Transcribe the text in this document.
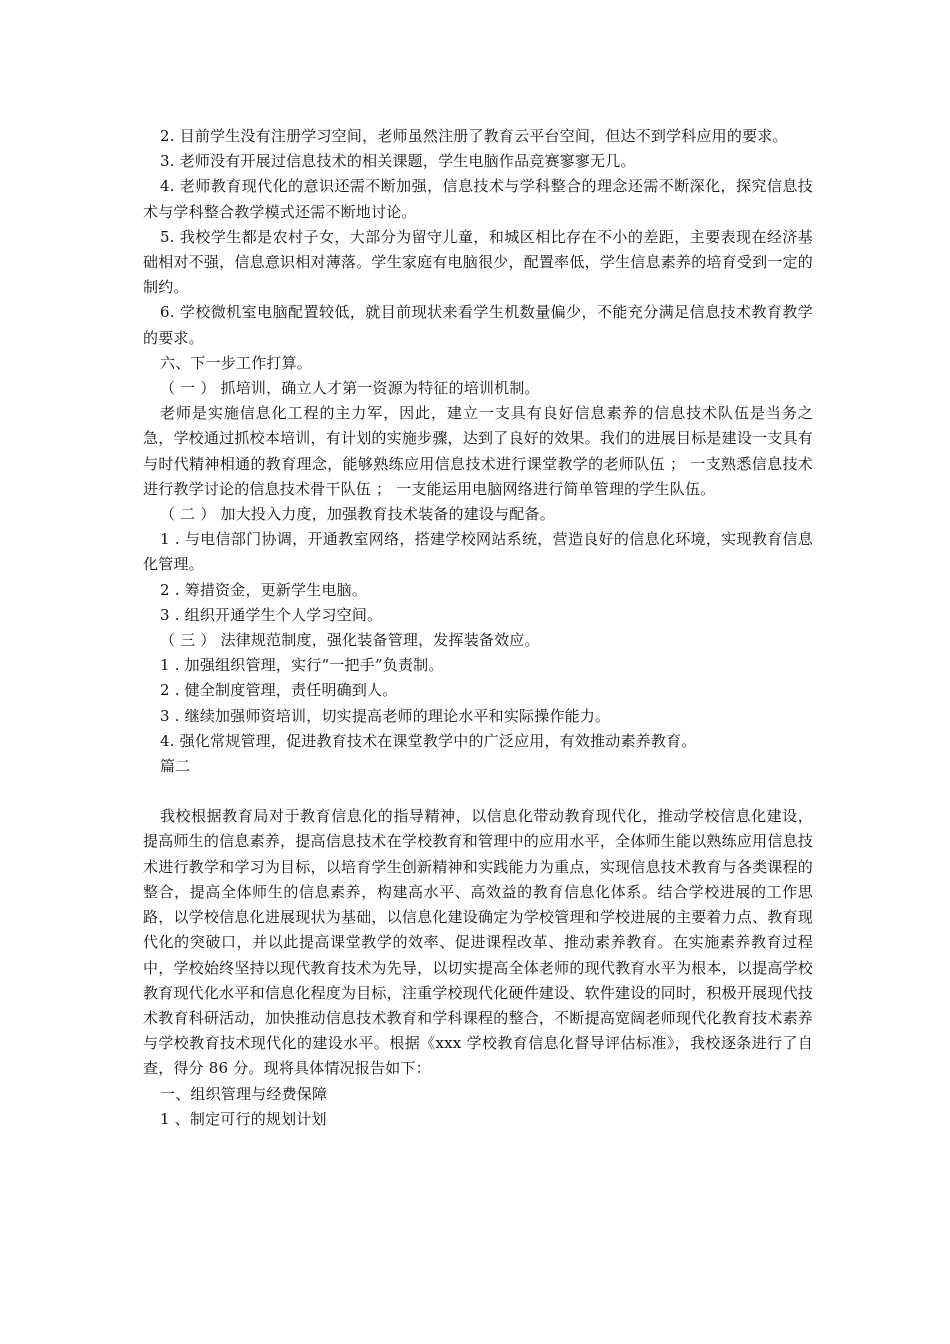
2. 目前学生没有注册学习空间，老师虽然注册了教育云平台空间，但达不到学科应用的要求。

3. 老师没有开展过信息技术的相关课题，学生电脑作品竞赛寥寥无几。

4. 老师教育现代化的意识还需不断加强，信息技术与学科整合的理念还需不断深化，探究信息技术与学科整合教学模式还需不断地讨论。

5. 我校学生都是农村子女，大部分为留守儿童，和城区相比存在不小的差距，主要表现在经济基础相对不强，信息意识相对薄落。学生家庭有电脑很少，配置率低，学生信息素养的培育受到一定的制约。

6. 学校微机室电脑配置较低，就目前现状来看学生机数量偏少，不能充分满足信息技术教育教学的要求。

六、下一步工作打算。

（ 一 ） 抓培训，确立人才第一资源为特征的培训机制。

老师是实施信息化工程的主力军，因此，建立一支具有良好信息素养的信息技术队伍是当务之急，学校通过抓校本培训，有计划的实施步骤，达到了良好的效果。我们的进展目标是建设一支具有与时代精神相通的教育理念，能够熟练应用信息技术进行课堂教学的老师队伍 ； 一支熟悉信息技术进行教学讨论的信息技术骨干队伍 ； 一支能运用电脑网络进行简单管理的学生队伍。

（ 二 ） 加大投入力度，加强教育技术装备的建设与配备。

1 . 与电信部门协调，开通教室网络，搭建学校网站系统，营造良好的信息化环境，实现教育信息化管理。

2 . 筹措资金，更新学生电脑。

3 . 组织开通学生个人学习空间。

（ 三 ） 法律规范制度，强化装备管理，发挥装备效应。

1 . 加强组织管理，实行“一把手”负责制。

2 . 健全制度管理，责任明确到人。

3 . 继续加强师资培训，切实提高老师的理论水平和实际操作能力。

4. 强化常规管理，促进教育技术在课堂教学中的广泛应用，有效推动素养教育。

篇二

我校根据教育局对于教育信息化的指导精神，以信息化带动教育现代化，推动学校信息化建设，提高师生的信息素养，提高信息技术在学校教育和管理中的应用水平，全体师生能以熟练应用信息技术进行教学和学习为目标，以培育学生创新精神和实践能力为重点，实现信息技术教育与各类课程的整合，提高全体师生的信息素养，构建高水平、高效益的教育信息化体系。结合学校进展的工作思路，以学校信息化进展现状为基础，以信息化建设确定为学校管理和学校进展的主要着力点、教育现代化的突破口，并以此提高课堂教学的效率、促进课程改革、推动素养教育。在实施素养教育过程中，学校始终坚持以现代教育技术为先导，以切实提高全体老师的现代教育水平为根本，以提高学校教育现代化水平和信息化程度为目标，注重学校现代化硬件建设、软件建设的同时，积极开展现代技术教育科研活动，加快推动信息技术教育和学科课程的整合，不断提高宽阔老师现代化教育技术素养与学校教育技术现代化的建设水平。根据《xxx 学校教育信息化督导评估标准》，我校逐条进行了自查，得分 86 分。现将具体情况报告如下：

一、组织管理与经费保障

1 、制定可行的规划计划
